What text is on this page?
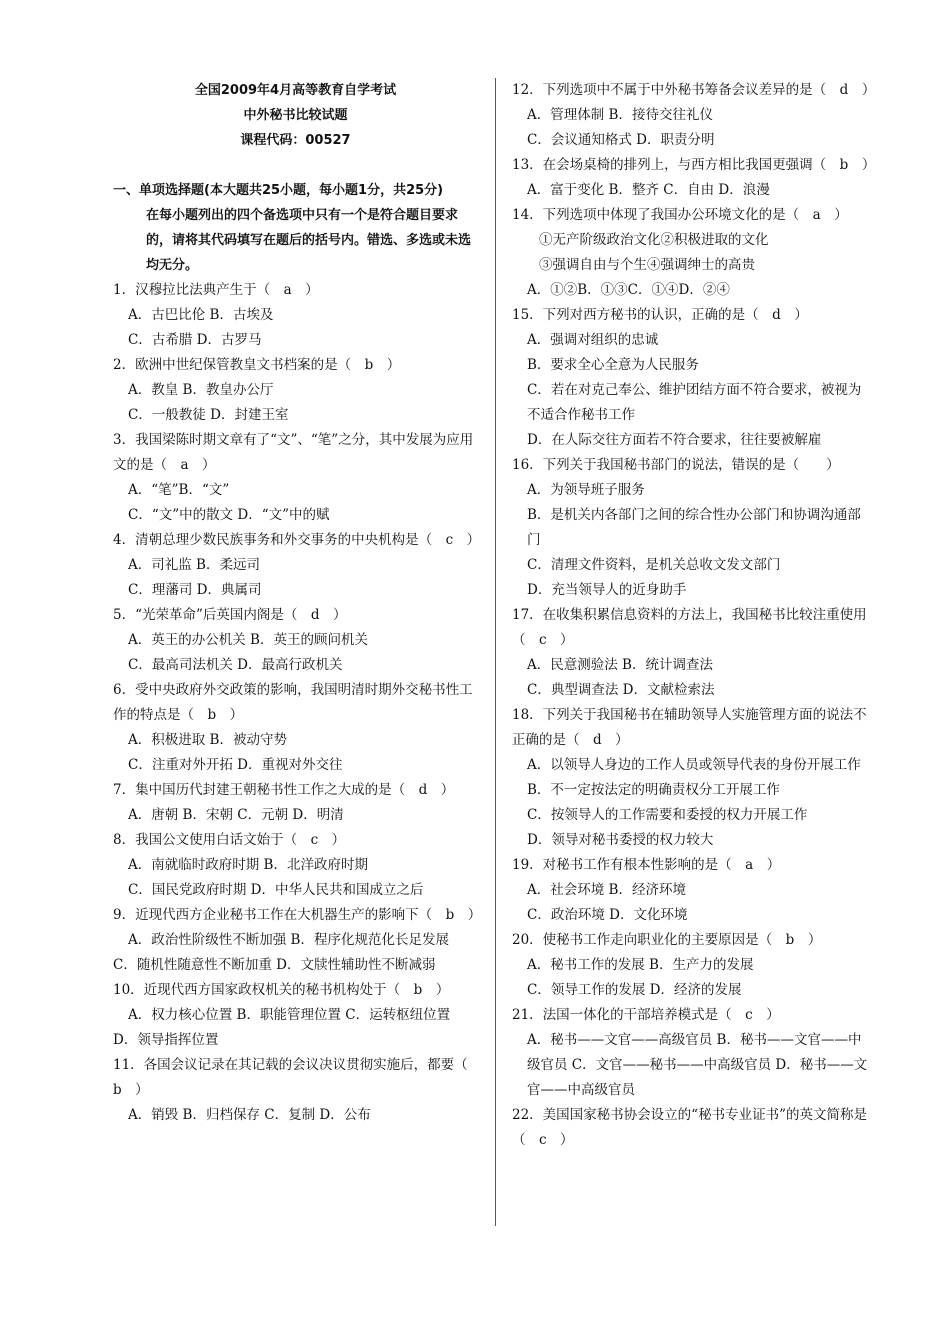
全国2009年4月高等教育自学考试
中外秘书比较试题
课程代码：00527
一、单项选择题(本大题共25小题，每小题1分，共25分)
在每小题列出的四个备选项中只有一个是符合题目要求的，请将其代码填写在题后的括号内。错选、多选或未选均无分。
1．汉穆拉比法典产生于（　a　）
A．古巴比伦 B．古埃及
C．古希腊 D．古罗马
2．欧洲中世纪保管教皇文书档案的是（　b　）
A．教皇 B．教皇办公厅
C．一般教徒 D．封建王室
3．我国梁陈时期文章有了“文”、“笔”之分，其中发展为应用文的是（　a　）
A．“笔”B．“文”
C．“文”中的散文 D．“文”中的赋
4．清朝总理少数民族事务和外交事务的中央机构是（　c　）
A．司礼监 B．柔远司
C．理藩司 D．典属司
5．“光荣革命”后英国内阁是（　d　）
A．英王的办公机关 B．英王的顾问机关
C．最高司法机关 D．最高行政机关
6．受中央政府外交政策的影响，我国明清时期外交秘书性工作的特点是（　b　）
A．积极进取 B．被动守势
C．注重对外开拓 D．重视对外交往
7．集中国历代封建王朝秘书性工作之大成的是（　d　）
A．唐朝 B．宋朝 C．元朝 D．明清
8．我国公文使用白话文始于（　c　）
A．南就临时政府时期 B．北洋政府时期
C．国民党政府时期 D．中华人民共和国成立之后
9．近现代西方企业秘书工作在大机器生产的影响下（　b　）
A．政治性阶级性不断加强 B．程序化规范化长足发展
C．随机性随意性不断加重 D．文牍性辅助性不断减弱
10．近现代西方国家政权机关的秘书机构处于（　b　）
A．权力核心位置 B．职能管理位置 C．运转枢纽位置
D．领导指挥位置
11．各国会议记录在其记载的会议决议贯彻实施后，都要（　b　）
A．销毁 B．归档保存 C．复制 D．公布
12．下列选项中不属于中外秘书筹备会议差异的是（　d　）
A．管理体制 B．接待交往礼仪
C．会议通知格式 D．职责分明
13．在会场桌椅的排列上，与西方相比我国更强调（　b　）
A．富于变化 B．整齐 C．自由 D．浪漫
14．下列选项中体现了我国办公环境文化的是（　a　）
①无产阶级政治文化②积极进取的文化
③强调自由与个生④强调绅士的高贵
A．①②B．①③C．①④D．②④
15．下列对西方秘书的认识，正确的是（　d　）
A．强调对组织的忠诚
B．要求全心全意为人民服务
C．若在对克己奉公、维护团结方面不符合要求，被视为不适合作秘书工作
D．在人际交往方面若不符合要求，往往要被解雇
16．下列关于我国秘书部门的说法，错误的是（　　）
A．为领导班子服务
B．是机关内各部门之间的综合性办公部门和协调沟通部门
C．清理文件资料，是机关总收文发文部门
D．充当领导人的近身助手
17．在收集积累信息资料的方法上，我国秘书比较注重使用（　c　）
A．民意测验法 B．统计调查法
C．典型调查法 D．文献检索法
18．下列关于我国秘书在辅助领导人实施管理方面的说法不正确的是（　d　）
A．以领导人身边的工作人员或领导代表的身份开展工作
B．不一定按法定的明确责权分工开展工作
C．按领导人的工作需要和委授的权力开展工作
D．领导对秘书委授的权力较大
19．对秘书工作有根本性影响的是（　a　）
A．社会环境 B．经济环境
C．政治环境 D．文化环境
20．使秘书工作走向职业化的主要原因是（　b　）
A．秘书工作的发展 B．生产力的发展
C．领导工作的发展 D．经济的发展
21．法国一体化的干部培养模式是（　c　）
A．秘书——文官——高级官员 B．秘书——文官——中级官员 C．文官——秘书——中高级官员 D．秘书——文官——中高级官员
22．美国国家秘书协会设立的“秘书专业证书”的英文简称是（　c　）
